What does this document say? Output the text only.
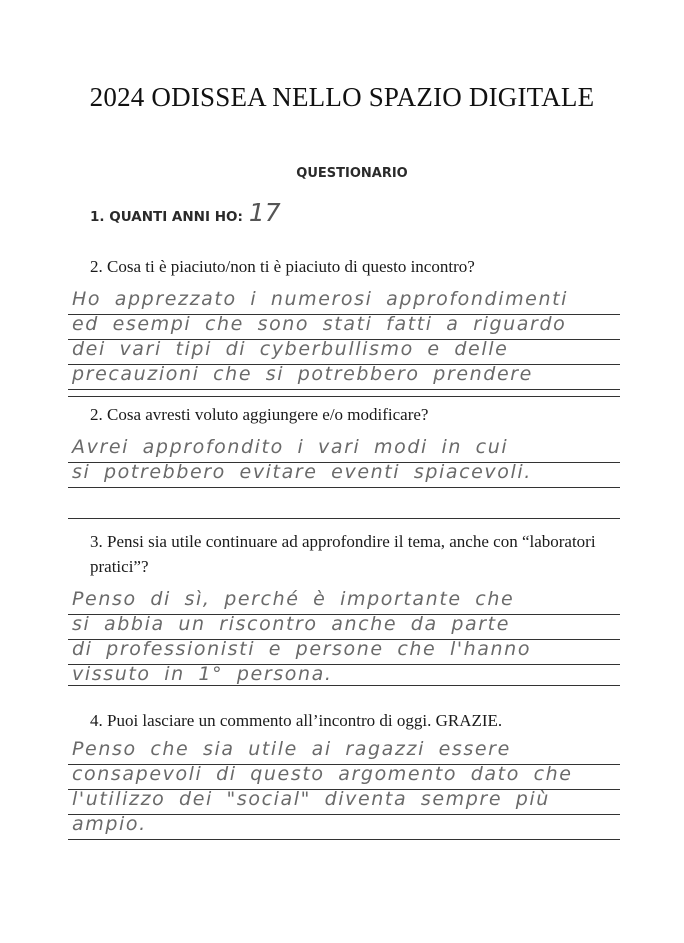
2024 ODISSEA NELLO SPAZIO DIGITALE
QUESTIONARIO
1. QUANTI ANNI HO: 17
2. Cosa ti è piaciuto/non ti è piaciuto di questo incontro?
Ho apprezzato i numerosi approfondimenti
ed esempi che sono stati fatti a riguardo
dei vari tipi di cyberbullismo e delle
precauzioni che si potrebbero prendere
2. Cosa avresti voluto aggiungere e/o modificare?
Avrei approfondito i vari modi in cui
si potrebbero evitare eventi spiacevoli.
3. Pensi sia utile continuare ad approfondire il tema, anche con “laboratori pratici”?
Penso di sì, perché è importante che
si abbia un riscontro anche da parte
di professionisti e persone che l'hanno
vissuto in 1° persona.
4. Puoi lasciare un commento all’incontro di oggi. GRAZIE.
Penso che sia utile ai ragazzi essere
consapevoli di questo argomento dato che
l'utilizzo dei "social" diventa sempre più
ampio.
